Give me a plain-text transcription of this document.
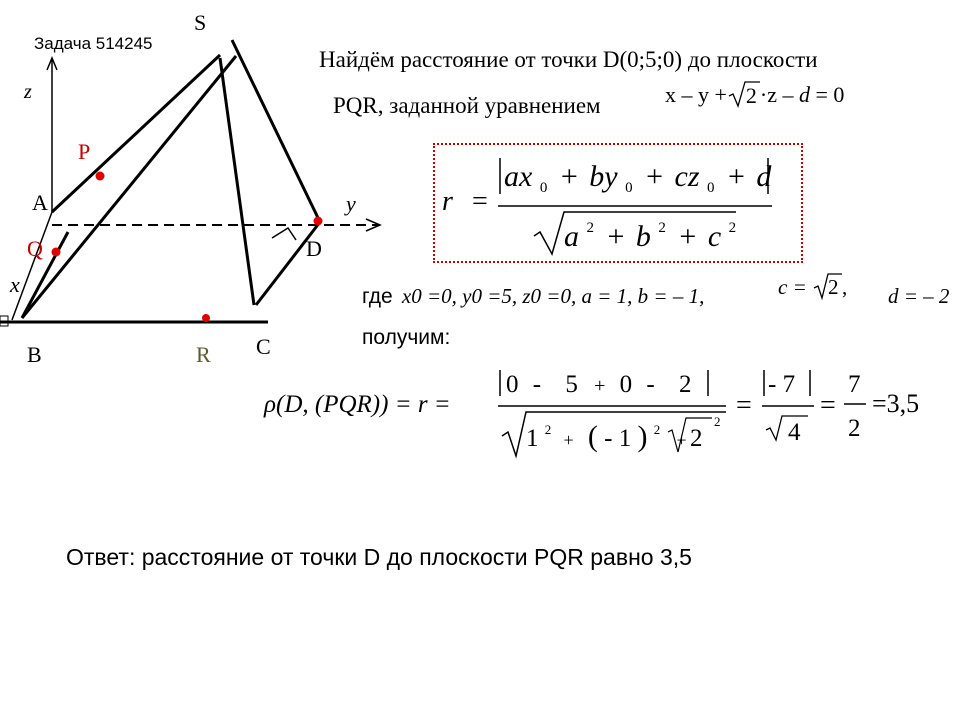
S
z
P
A	y
Q	D
x
B	R C
Задача 514245
Найдём расстояние от точки D(0;5;0) до плоскости
PQR, заданной уравнением	x – y + 2 ·z – d = 0
r =
ax $_0$ + by $_0$ + cz $_0$ + d
a $^2$ + b $^2$ + c $^2$
где x0 =0, y0 =5, z0 =0, a = 1, b = – 1,	c = 2 , d = – 2
получим:
ρ(D, (PQR)) = r =
0 - 5 + 0 - 2
1 $^2$ $_+$ ( - 1 ) $^2$ $_+$ 2
2
=
- 7
4
=
7
2
=3,5
Ответ: расстояние от точки D до плоскости PQR равно 3,5
